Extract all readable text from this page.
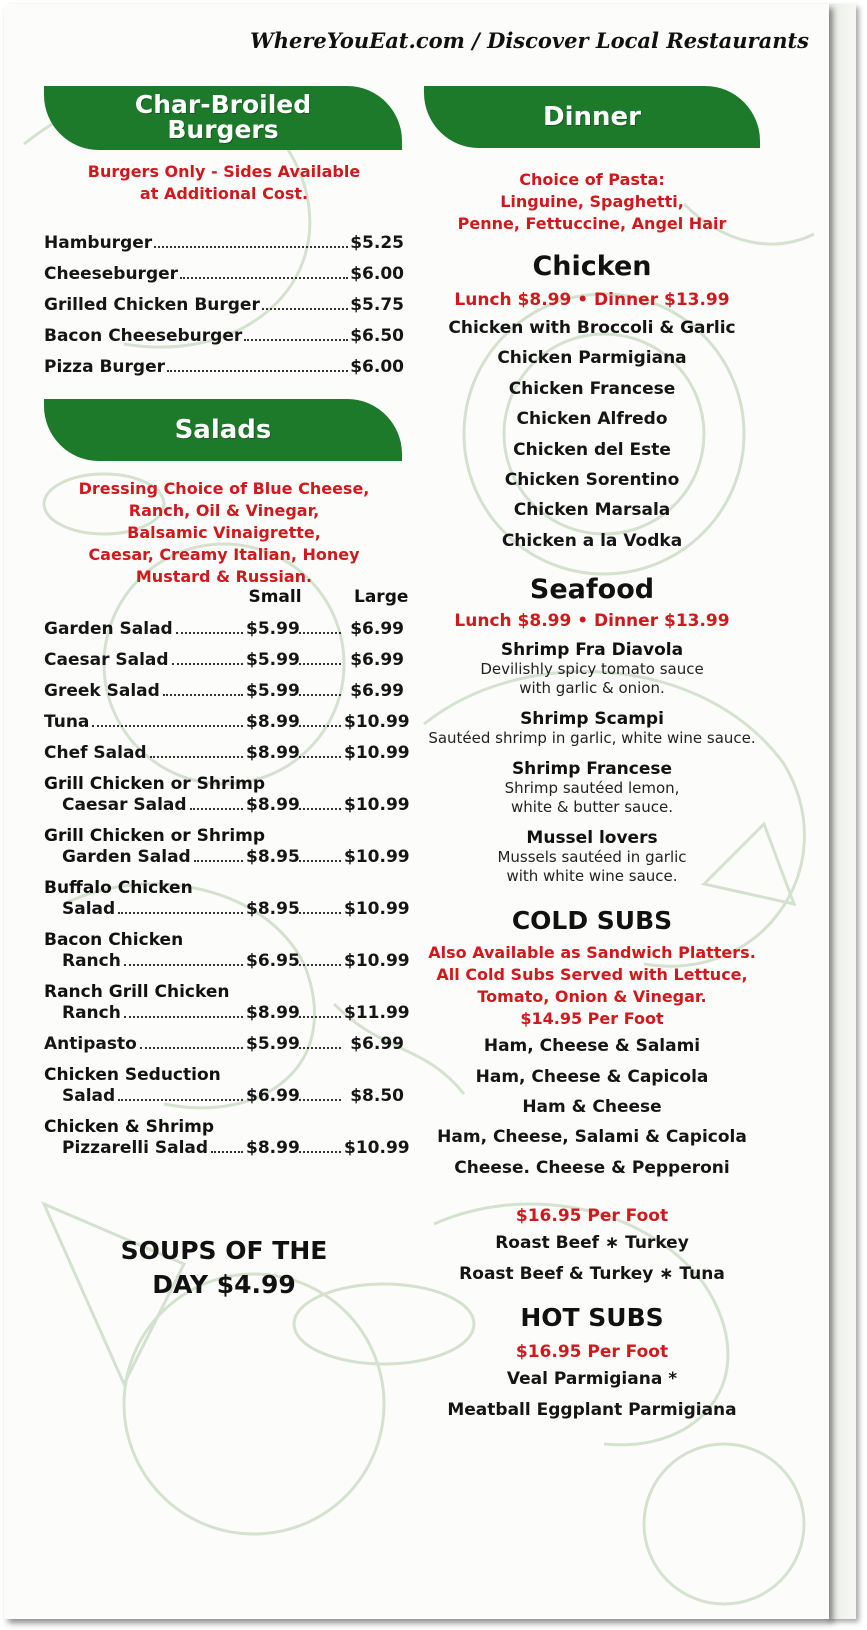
WhereYouEat.com / Discover Local Restaurants
Char-Broiled
Burgers
Burgers Only - Sides Available
at Additional Cost.
Hamburger	$5.25
Cheeseburger	$6.00
Grilled Chicken Burger	$5.75
Bacon Cheeseburger	$6.50
Pizza Burger	$6.00
Salads
Dressing Choice of Blue Cheese,
Ranch, Oil & Vinegar,
Balsamic Vinaigrette,
Caesar, Creamy Italian, Honey
Mustard & Russian.
Small	Large
Garden Salad	$5.99	$6.99
Caesar Salad	$5.99	$6.99
Greek Salad	$5.99	$6.99
Tuna	$8.99	$10.99
Chef Salad	$8.99	$10.99
Grill Chicken or Shrimp
Caesar Salad	$8.99	$10.99
Grill Chicken or Shrimp
Garden Salad	$8.95	$10.99
Buffalo Chicken
Salad	$8.95	$10.99
Bacon Chicken
Ranch	$6.95	$10.99
Ranch Grill Chicken
Ranch	$8.99	$11.99
Antipasto	$5.99	$6.99
Chicken Seduction
Salad	$6.99	$8.50
Chicken & Shrimp
Pizzarelli Salad $8.99	$10.99
SOUPS OF THE
DAY $4.99
Dinner
Choice of Pasta:
Linguine, Spaghetti,
Penne, Fettuccine, Angel Hair
Chicken
Lunch $8.99 • Dinner $13.99
Chicken with Broccoli & Garlic
Chicken Parmigiana
Chicken Francese
Chicken Alfredo
Chicken del Este
Chicken Sorentino
Chicken Marsala
Chicken a la Vodka
Seafood
Lunch $8.99 • Dinner $13.99
Shrimp Fra Diavola
Devilishly spicy tomato sauce
with garlic & onion.
Shrimp Scampi
Sautéed shrimp in garlic, white wine sauce.
Shrimp Francese
Shrimp sautéed lemon,
white & butter sauce.
Mussel lovers
Mussels sautéed in garlic
with white wine sauce.
COLD SUBS
Also Available as Sandwich Platters.
All Cold Subs Served with Lettuce,
Tomato, Onion & Vinegar.
$14.95 Per Foot
Ham, Cheese & Salami
Ham, Cheese & Capicola
Ham & Cheese
Ham, Cheese, Salami & Capicola
Cheese. Cheese & Pepperoni
$16.95 Per Foot
Roast Beef ∗ Turkey
Roast Beef & Turkey ∗ Tuna
HOT SUBS
$16.95 Per Foot
Veal Parmigiana *
Meatball Eggplant Parmigiana
